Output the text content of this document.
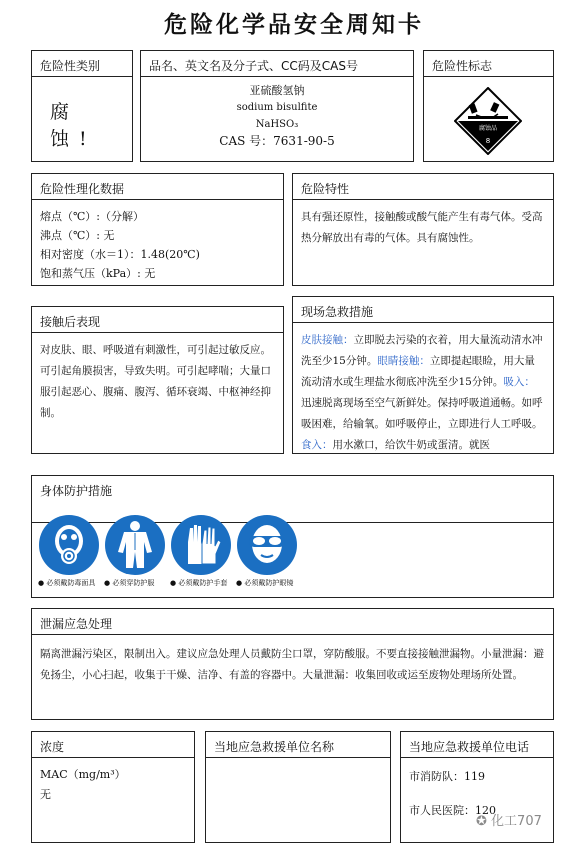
危险化学品安全周知卡
危险性类别
腐 蚀!
品名、英文名及分子式、CC码及CAS号
亚硫酸氢钠
sodium bisulfite
NaHSO₃
CAS 号：7631-90-5
危险性标志
腐蚀品
8
危险性理化数据
熔点（℃）:（分解）
沸点（℃）: 无
相对密度（水＝1）：1.48(20℃)
饱和蒸气压（kPa）: 无
危险特性
具有强还原性，接触酸或酸气能产生有毒气体。受高热分解放出有毒的气体。具有腐蚀性。
接触后表现
对皮肤、眼、呼吸道有刺激性，可引起过敏反应。可引起角膜损害，导致失明。可引起哮喘；大量口服引起恶心、腹痛、腹泻、循环衰竭、中枢神经抑制。
现场急救措施
皮肤接触：立即脱去污染的衣着，用大量流动清水冲洗至少15分钟。眼睛接触：立即提起眼睑，用大量流动清水或生理盐水彻底冲洗至少15分钟。吸入：迅速脱离现场至空气新鲜处。保持呼吸道通畅。如呼吸困难，给输氧。如呼吸停止，立即进行人工呼吸。食入：用水漱口，给饮牛奶或蛋清。就医
身体防护措施
● 必须戴防毒面具	● 必须穿防护服	● 必须戴防护手套	● 必须戴防护眼镜
泄漏应急处理
隔离泄漏污染区，限制出入。建议应急处理人员戴防尘口罩，穿防酸服。不要直接接触泄漏物。小量泄漏：避免扬尘，小心扫起，收集于干燥、洁净、有盖的容器中。大量泄漏：收集回收或运至废物处理场所处置。
浓度
MAC（mg/m³）
无
当地应急救援单位名称	当地应急救援单位电话
市消防队：119
市人民医院：120
✪ 化工707
